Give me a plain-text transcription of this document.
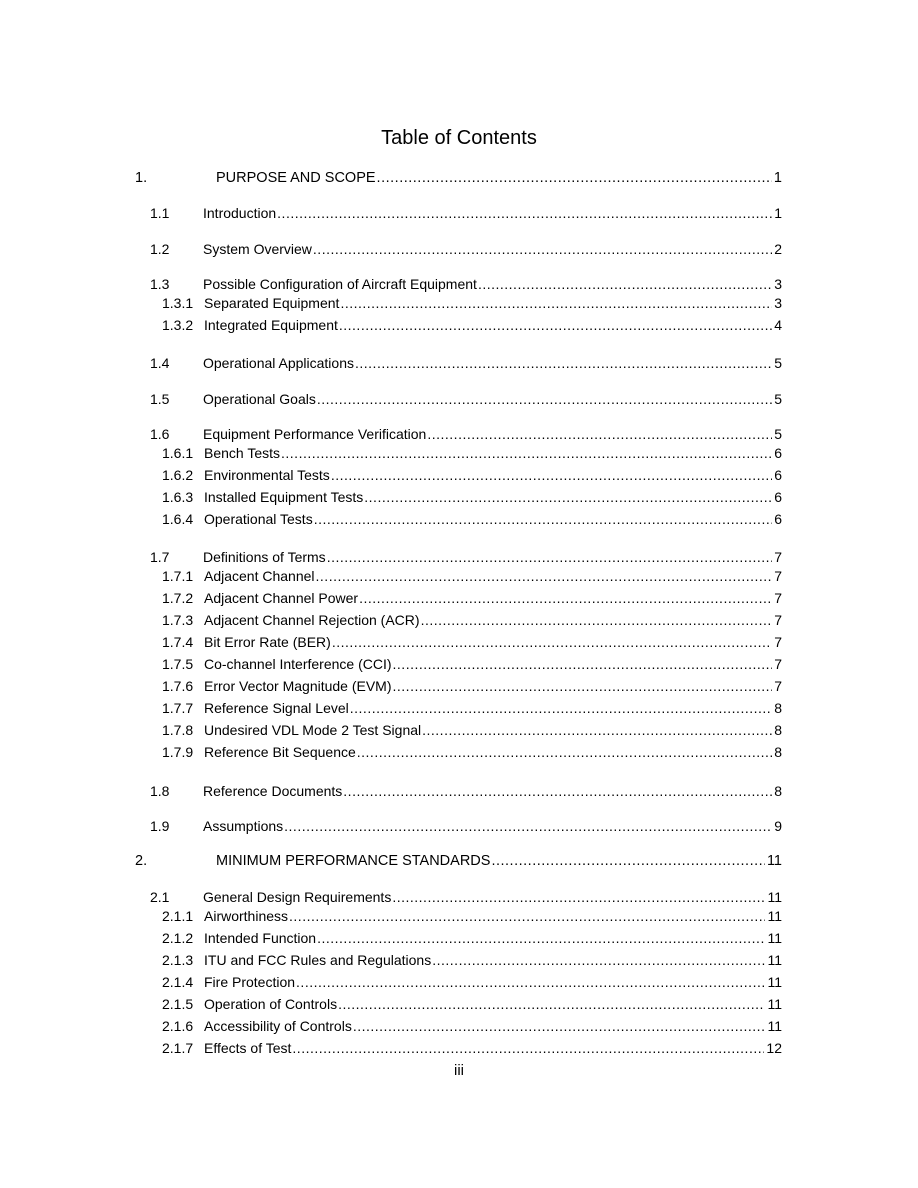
Table of Contents
1.	PURPOSE AND SCOPE .....	1
1.1	Introduction .....	1
1.2	System Overview .....	2
1.3	Possible Configuration of Aircraft Equipment .....	3
1.3.1 Separated Equipment .....	3
1.3.2 Integrated Equipment .....	4
1.4	Operational Applications .....	5
1.5	Operational Goals .....	5
1.6	Equipment Performance Verification .....	5
1.6.1 Bench Tests .....	6
1.6.2 Environmental Tests .....	6
1.6.3 Installed Equipment Tests .....	6
1.6.4 Operational Tests .....	6
1.7	Definitions of Terms .....	7
1.7.1 Adjacent Channel .....	7
1.7.2 Adjacent Channel Power .....	7
1.7.3 Adjacent Channel Rejection (ACR) .....	7
1.7.4 Bit Error Rate (BER) .....	7
1.7.5 Co-channel Interference (CCI) .....	7
1.7.6 Error Vector Magnitude (EVM) .....	7
1.7.7 Reference Signal Level .....	8
1.7.8 Undesired VDL Mode 2 Test Signal .....	8
1.7.9 Reference Bit Sequence .....	8
1.8	Reference Documents .....	8
1.9	Assumptions .....	9
2.	MINIMUM PERFORMANCE STANDARDS .....	11
2.1	General Design Requirements .....	11
2.1.1 Airworthiness .....	11
2.1.2 Intended Function .....	11
2.1.3 ITU and FCC Rules and Regulations .....	11
2.1.4 Fire Protection .....	11
2.1.5 Operation of Controls .....	11
2.1.6 Accessibility of Controls .....	11
2.1.7 Effects of Test .....	12
iii
